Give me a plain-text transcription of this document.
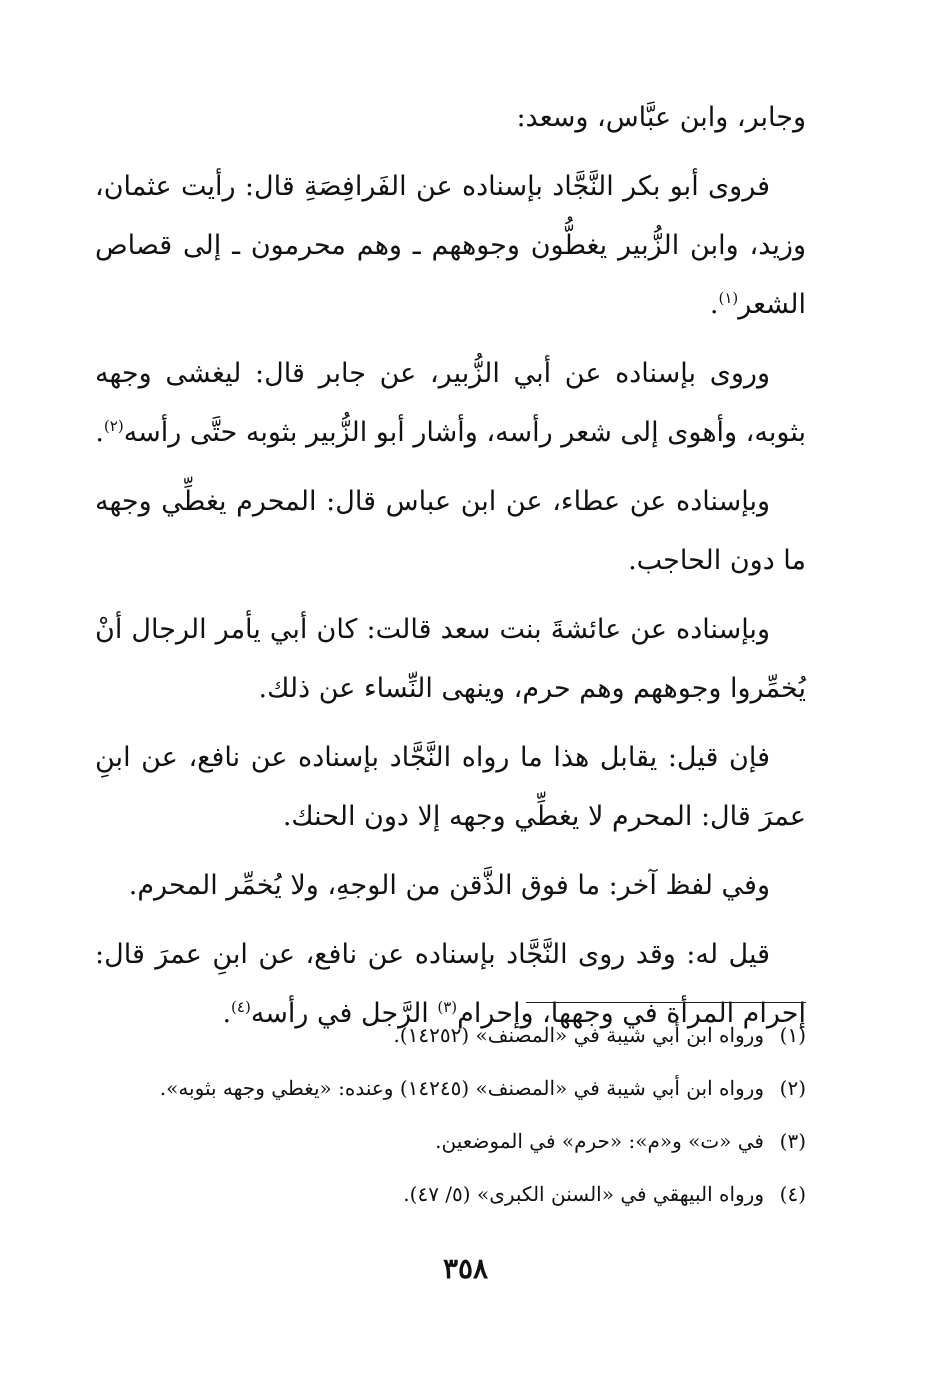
وجابر، وابن عبَّاس، وسعد:

فروى أبو بكر النَّجَّاد بإسناده عن الفَرافِصَةِ قال: رأيت عثمان، وزيد، وابن الزُّبير يغطُّون وجوههم ـ وهم محرمون ـ إلى قصاص الشعر$^{(١)}$.

وروى بإسناده عن أبي الزُّبير، عن جابر قال: ليغشى وجهه بثوبه، وأهوى إلى شعر رأسه، وأشار أبو الزُّبير بثوبه حتَّى رأسه$^{(٢)}$.

وبإسناده عن عطاء، عن ابن عباس قال: المحرم يغطِّي وجهه ما دون الحاجب.

وبإسناده عن عائشةَ بنت سعد قالت: كان أبي يأمر الرجال أنْ يُخمِّروا وجوههم وهم حرم، وينهى النِّساء عن ذلك.

فإن قيل: يقابل هذا ما رواه النَّجَّاد بإسناده عن نافع، عن ابنِ عمرَ قال: المحرم لا يغطِّي وجهه إلا دون الحنك.

وفي لفظ آخر: ما فوق الذَّقن من الوجهِ، ولا يُخمِّر المحرم.

قيل له: وقد روى النَّجَّاد بإسناده عن نافع، عن ابنِ عمرَ قال: إحرام المرأة في وجهها، وإحرام$^{(٣)}$ الرَّجل في رأسه$^{(٤)}$.

(١)ورواه ابن أبي شيبة في «المصنف» (١٤٢٥٢).
(٢)ورواه ابن أبي شيبة في «المصنف» (١٤٢٤٥) وعنده: «يغطي وجهه بثوبه».
(٣)في «ت» و«م»: «حرم» في الموضعين.
(٤)ورواه البيهقي في «السنن الكبرى» (٥/ ٤٧).
٣٥٨
